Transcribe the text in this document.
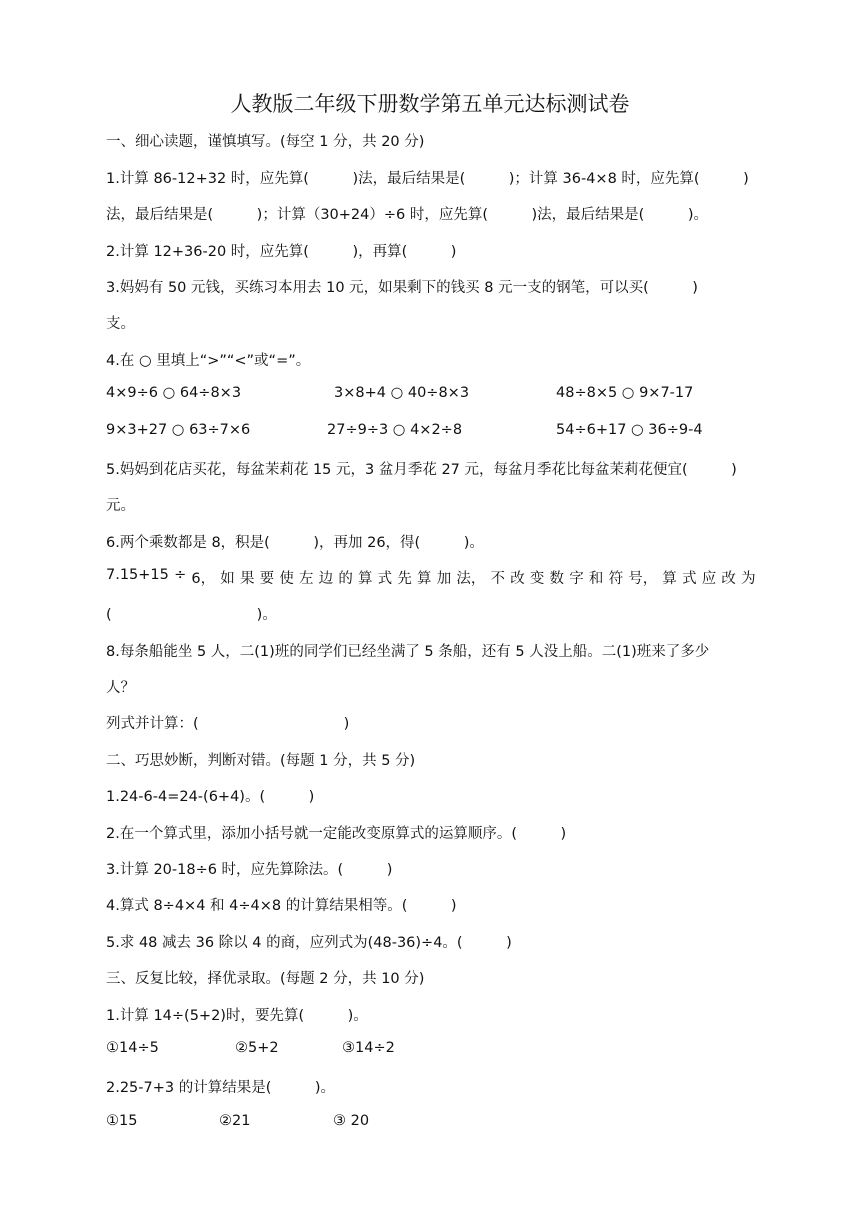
人教版二年级下册数学第五单元达标测试卷
一、细心读题，谨慎填写。(每空 1 分，共 20 分)
1.计算 86-12+32 时，应先算(　　　)法，最后结果是(　　　)；计算 36-4×8 时，应先算(　　　)
法，最后结果是(　　　)；计算（30+24）÷6 时，应先算(　　　)法，最后结果是(　　　)。
2.计算 12+36-20 时，应先算(　　　)，再算(　　　)
3.妈妈有 50 元钱，买练习本用去 10 元，如果剩下的钱买 8 元一支的钢笔，可以买(　　　)
支。
4.在 ○ 里填上“>”“<”或“=”。
4×9÷6 ○ 64÷8×3	3×8+4 ○ 40÷8×3	48÷8×5 ○ 9×7-17
9×3+27 ○ 63÷7×6	27÷9÷3 ○ 4×2÷8	54÷6+17 ○ 36÷9-4
5.妈妈到花店买花，每盆茉莉花 15 元，3 盆月季花 27 元，每盆月季花比每盆茉莉花便宜(　　　)
元。
6.两个乘数都是 8，积是(　　　)，再加 26，得(　　　)。
7.15+15 ÷ 6， 如 果 要 使 左 边 的 算 式 先 算 加 法， 不 改 变 数 字 和 符 号， 算 式 应 改 为
(　　　　　　　　　　)。
8.每条船能坐 5 人，二(1)班的同学们已经坐满了 5 条船，还有 5 人没上船。二(1)班来了多少
人？
列式并计算：(　　　　　　　　　　)
二、巧思妙断，判断对错。(每题 1 分，共 5 分)
1.24-6-4=24-(6+4)。(　　　)
2.在一个算式里，添加小括号就一定能改变原算式的运算顺序。(　　　)
3.计算 20-18÷6 时，应先算除法。(　　　)
4.算式 8÷4×4 和 4÷4×8 的计算结果相等。(　　　)
5.求 48 减去 36 除以 4 的商，应列式为(48-36)÷4。(　　　)
三、反复比较，择优录取。(每题 2 分，共 10 分)
1.计算 14÷(5+2)时，要先算(　　　)。
①14÷5	②5+2	③14÷2
2.25-7+3 的计算结果是(　　　)。
①15	②21	③ 20
